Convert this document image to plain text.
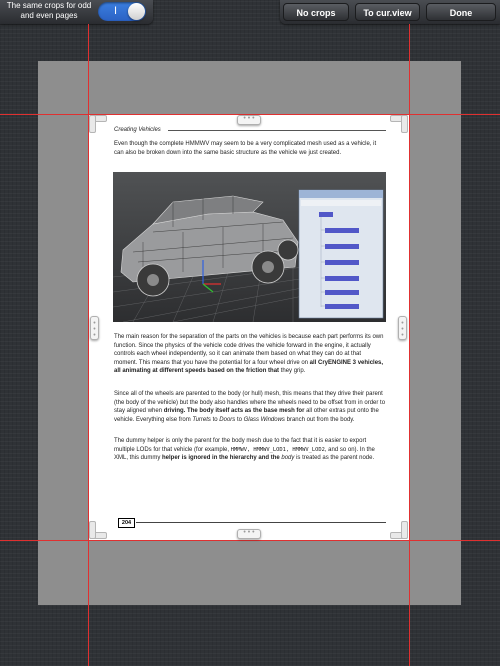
The same crops for odd and even pages	I	No crops	To cur.view	Done
Creating Vehicles

Even though the complete HMMWV may seem to be a very complicated mesh used as a vehicle, it can also be broken down into the same basic structure as the vehicle we just created.

The main reason for the separation of the parts on the vehicles is because each part performs its own function. Since the physics of the vehicle code drives the vehicle forward in the engine, it actually controls each wheel independently, so it can animate them based on what they can do at that moment. This means that you have the potential for a four wheel drive on all CryENGINE 3 vehicles, all animating at different speeds based on the friction that they grip.

Since all of the wheels are parented to the body (or hull) mesh, this means that they drive their parent (the body of the vehicle) but the body also handles where the wheels need to be offset from in order to stay aligned when driving. The body itself acts as the base mesh for all other extras put onto the vehicle. Everything else from Turrets to Doors to Glass Windows branch out from the body.

The dummy helper is only the parent for the body mesh due to the fact that it is easier to export multiple LODs for that vehicle (for example, HMMWV, HMMWV_LOD1, HMMWV_LOD2, and so on). In the XML, this dummy helper is ignored in the hierarchy and the body is treated as the parent node.

204
• • •
• • •
•
•
•
•
•
•
